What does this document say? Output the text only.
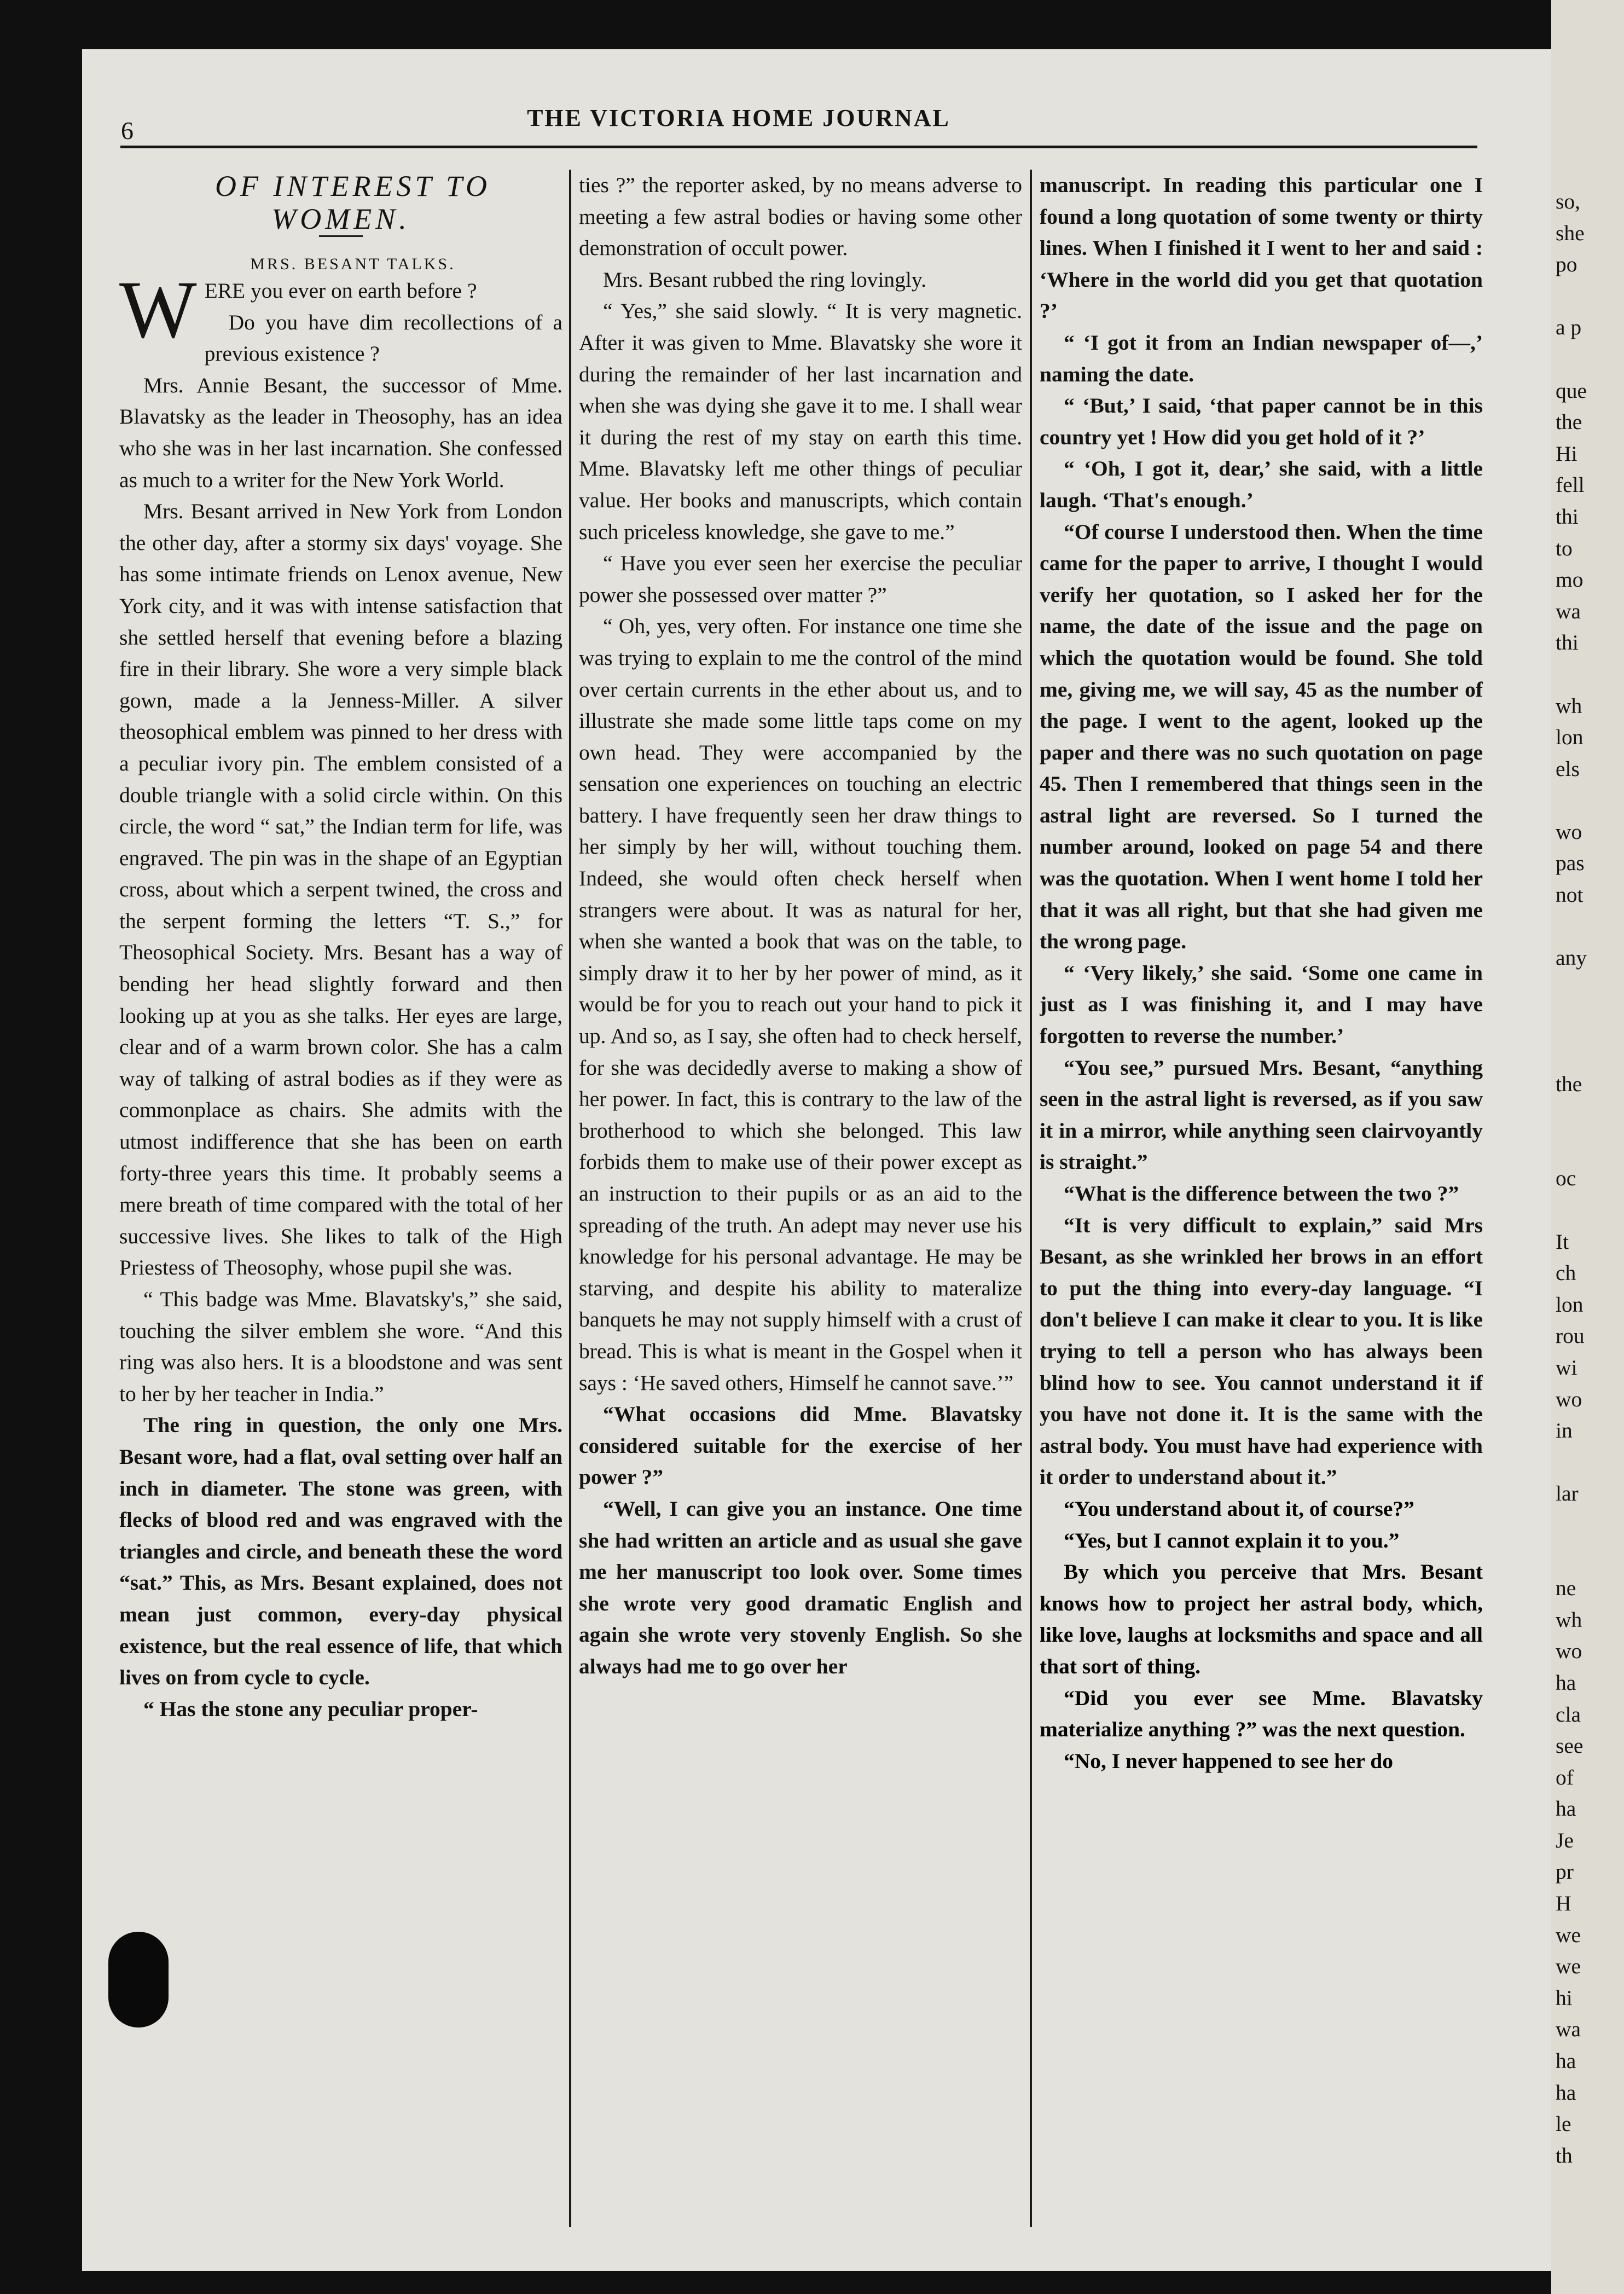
6	THE VICTORIA HOME JOURNAL

OF INTEREST TO WOMEN.

MRS. BESANT TALKS.

WERE you ever on earth before ?

Do you have dim recollections of a previous existence ?

Mrs. Annie Besant, the successor of Mme. Blavatsky as the leader in Theosophy, has an idea who she was in her last incarnation. She confessed as much to a writer for the New York World.

Mrs. Besant arrived in New York from London the other day, after a stormy six days' voyage. She has some intimate friends on Lenox avenue, New York city, and it was with intense satisfaction that she settled herself that evening before a blazing fire in their library. She wore a very simple black gown, made a la Jenness-Miller. A silver theosophical emblem was pinned to her dress with a peculiar ivory pin. The emblem consisted of a double triangle with a solid circle within. On this circle, the word “ sat,” the Indian term for life, was engraved. The pin was in the shape of an Egyptian cross, about which a serpent twined, the cross and the serpent forming the letters “T. S.,” for Theosophical Society. Mrs. Besant has a way of bending her head slightly forward and then looking up at you as she talks. Her eyes are large, clear and of a warm brown color. She has a calm way of talking of astral bodies as if they were as commonplace as chairs. She admits with the utmost indifference that she has been on earth forty-three years this time. It probably seems a mere breath of time compared with the total of her successive lives. She likes to talk of the High Priestess of Theosophy, whose pupil she was.

“ This badge was Mme. Blavatsky's,” she said, touching the silver emblem she wore. “And this ring was also hers. It is a bloodstone and was sent to her by her teacher in India.”

The ring in question, the only one Mrs. Besant wore, had a flat, oval setting over half an inch in diameter. The stone was green, with flecks of blood red and was engraved with the triangles and circle, and beneath these the word “sat.” This, as Mrs. Besant explained, does not mean just common, every-day physical existence, but the real essence of life, that which lives on from cycle to cycle.

“ Has the stone any peculiar proper-

ties ?” the reporter asked, by no means adverse to meeting a few astral bodies or having some other demonstration of occult power.

Mrs. Besant rubbed the ring lovingly.

“ Yes,” she said slowly. “ It is very magnetic. After it was given to Mme. Blavatsky she wore it during the remainder of her last incarnation and when she was dying she gave it to me. I shall wear it during the rest of my stay on earth this time. Mme. Blavatsky left me other things of peculiar value. Her books and manuscripts, which contain such priceless knowledge, she gave to me.”

“ Have you ever seen her exercise the peculiar power she possessed over matter ?”

“ Oh, yes, very often. For instance one time she was trying to explain to me the control of the mind over certain currents in the ether about us, and to illustrate she made some little taps come on my own head. They were accompanied by the sensation one experiences on touching an electric battery. I have frequently seen her draw things to her simply by her will, without touching them. Indeed, she would often check herself when strangers were about. It was as natural for her, when she wanted a book that was on the table, to simply draw it to her by her power of mind, as it would be for you to reach out your hand to pick it up. And so, as I say, she often had to check herself, for she was decidedly averse to making a show of her power. In fact, this is contrary to the law of the brotherhood to which she belonged. This law forbids them to make use of their power except as an instruction to their pupils or as an aid to the spreading of the truth. An adept may never use his knowledge for his personal advantage. He may be starving, and despite his ability to materalize banquets he may not supply himself with a crust of bread. This is what is meant in the Gospel when it says : ‘He saved others, Himself he cannot save.’”

“What occasions did Mme. Blavatsky considered suitable for the exercise of her power ?”

“Well, I can give you an instance. One time she had written an article and as usual she gave me her manuscript too look over. Some times she wrote very good dramatic English and again she wrote very stovenly English. So she always had me to go over her

manuscript. In reading this particular one I found a long quotation of some twenty or thirty lines. When I finished it I went to her and said : ‘Where in the world did you get that quotation ?’

“ ‘I got it from an Indian newspaper of—,’ naming the date.

“ ‘But,’ I said, ‘that paper cannot be in this country yet ! How did you get hold of it ?’

“ ‘Oh, I got it, dear,’ she said, with a little laugh. ‘That's enough.’

“Of course I understood then. When the time came for the paper to arrive, I thought I would verify her quotation, so I asked her for the name, the date of the issue and the page on which the quotation would be found. She told me, giving me, we will say, 45 as the number of the page. I went to the agent, looked up the paper and there was no such quotation on page 45. Then I remembered that things seen in the astral light are reversed. So I turned the number around, looked on page 54 and there was the quotation. When I went home I told her that it was all right, but that she had given me the wrong page.

“ ‘Very likely,’ she said. ‘Some one came in just as I was finishing it, and I may have forgotten to reverse the number.’

“You see,” pursued Mrs. Besant, “anything seen in the astral light is reversed, as if you saw it in a mirror, while anything seen clairvoyantly is straight.”

“What is the difference between the two ?”

“It is very difficult to explain,” said Mrs Besant, as she wrinkled her brows in an effort to put the thing into every-day language. “I don't believe I can make it clear to you. It is like trying to tell a person who has always been blind how to see. You cannot understand it if you have not done it. It is the same with the astral body. You must have had experience with it order to understand about it.”

“You understand about it, of course?”

“Yes, but I cannot explain it to you.”

By which you perceive that Mrs. Besant knows how to project her astral body, which, like love, laughs at locksmiths and space and all that sort of thing.

“Did you ever see Mme. Blavatsky materialize anything ?” was the next question.

“No, I never happened to see her do

so,
she
po
a p
que
the
Hi
fell
thi
to
mo
wa
thi
wh
lon
els
wo
pas
not
any
the
oc
It
ch
lon
rou
wi
wo
in
lar
ne
wh
wo
ha
cla
see
of
ha
Je
pr
H
we
we
hi
wa
ha
ha
le
th
